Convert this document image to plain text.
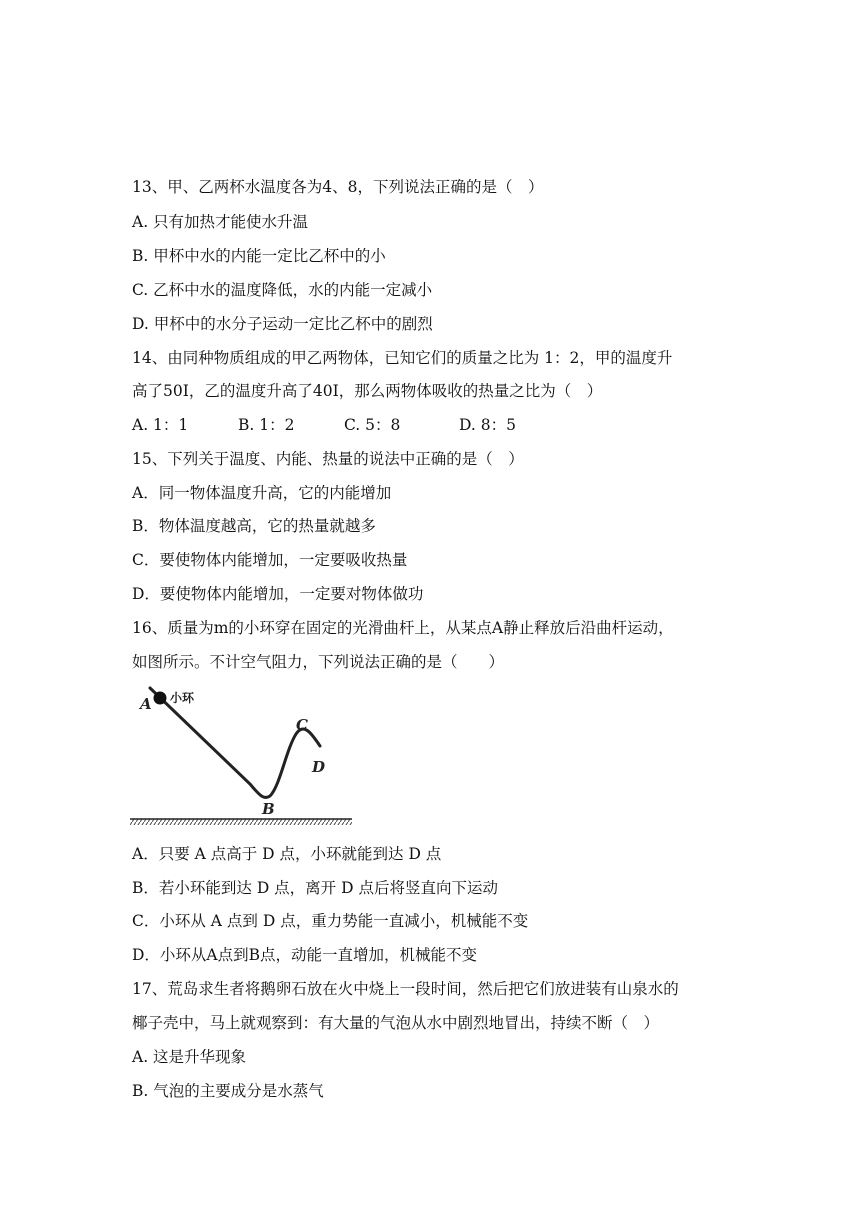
13、甲、乙两杯水温度各为4、8，下列说法正确的是（　）
A. 只有加热才能使水升温
B. 甲杯中水的内能一定比乙杯中的小
C. 乙杯中水的温度降低，水的内能一定减小
D. 甲杯中的水分子运动一定比乙杯中的剧烈
14、由同种物质组成的甲乙两物体，已知它们的质量之比为 1：2，甲的温度升
高了50I，乙的温度升高了40I，那么两物体吸收的热量之比为（　）
A. 1：1	B. 1：2	C. 5：8	D. 8：5
15、下列关于温度、内能、热量的说法中正确的是（　）
A．同一物体温度升高，它的内能增加
B．物体温度越高，它的热量就越多
C．要使物体内能增加，一定要吸收热量
D．要使物体内能增加，一定要对物体做功
16、质量为m的小环穿在固定的光滑曲杆上，从某点A静止释放后沿曲杆运动，
如图所示。不计空气阻力，下列说法正确的是（　　）
小环
A
B
C
D
A．只要 A 点高于 D 点，小环就能到达 D 点
B．若小环能到达 D 点，离开 D 点后将竖直向下运动
C．小环从 A 点到 D 点，重力势能一直减小，机械能不变
D．小环从A点到B点，动能一直增加，机械能不变
17、荒岛求生者将鹅卵石放在火中烧上一段时间，然后把它们放进装有山泉水的
椰子壳中，马上就观察到：有大量的气泡从水中剧烈地冒出，持续不断（　）
A. 这是升华现象
B. 气泡的主要成分是水蒸气
